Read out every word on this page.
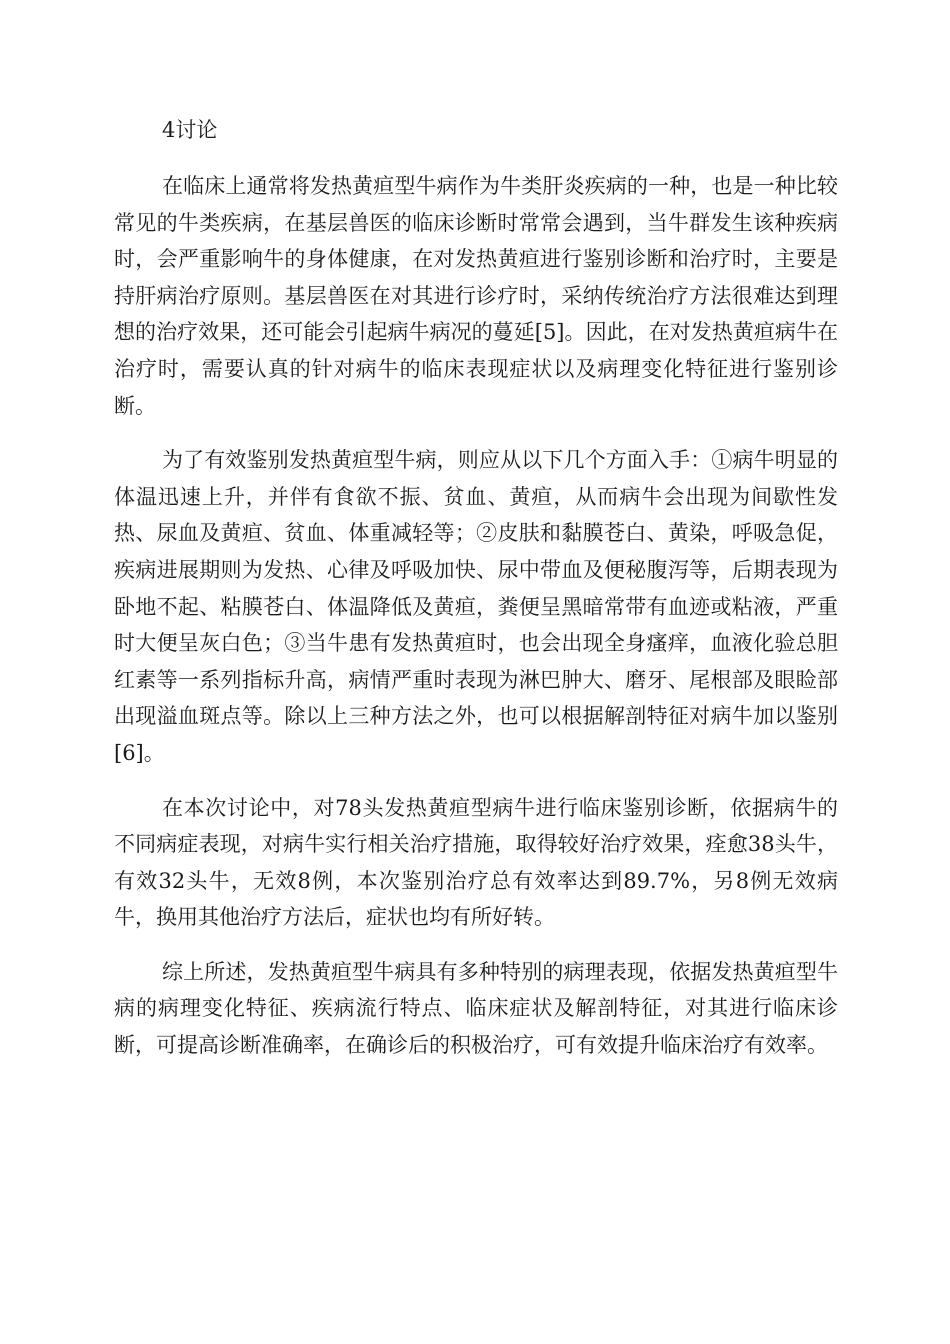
4讨论

在临床上通常将发热黄疸型牛病作为牛类肝炎疾病的一种，也是一种比较常见的牛类疾病，在基层兽医的临床诊断时常常会遇到，当牛群发生该种疾病时，会严重影响牛的身体健康，在对发热黄疸进行鉴别诊断和治疗时，主要是持肝病治疗原则。基层兽医在对其进行诊疗时，采纳传统治疗方法很难达到理想的治疗效果，还可能会引起病牛病况的蔓延[5]。因此，在对发热黄疸病牛在治疗时，需要认真的针对病牛的临床表现症状以及病理变化特征进行鉴别诊断。

为了有效鉴别发热黄疸型牛病，则应从以下几个方面入手：①病牛明显的体温迅速上升，并伴有食欲不振、贫血、黄疸，从而病牛会出现为间歇性发热、尿血及黄疸、贫血、体重减轻等；②皮肤和黏膜苍白、黄染，呼吸急促，疾病进展期则为发热、心律及呼吸加快、尿中带血及便秘腹泻等，后期表现为卧地不起、粘膜苍白、体温降低及黄疸，粪便呈黑暗常带有血迹或粘液，严重时大便呈灰白色；③当牛患有发热黄疸时，也会出现全身瘙痒，血液化验总胆红素等一系列指标升高，病情严重时表现为淋巴肿大、磨牙、尾根部及眼睑部出现溢血斑点等。除以上三种方法之外，也可以根据解剖特征对病牛加以鉴别[6]。

在本次讨论中，对78头发热黄疸型病牛进行临床鉴别诊断，依据病牛的不同病症表现，对病牛实行相关治疗措施，取得较好治疗效果，痊愈38头牛，有效32头牛，无效8例，本次鉴别治疗总有效率达到89.7%，另8例无效病牛，换用其他治疗方法后，症状也均有所好转。

综上所述，发热黄疸型牛病具有多种特别的病理表现，依据发热黄疸型牛病的病理变化特征、疾病流行特点、临床症状及解剖特征，对其进行临床诊断，可提高诊断准确率，在确诊后的积极治疗，可有效提升临床治疗有效率。
